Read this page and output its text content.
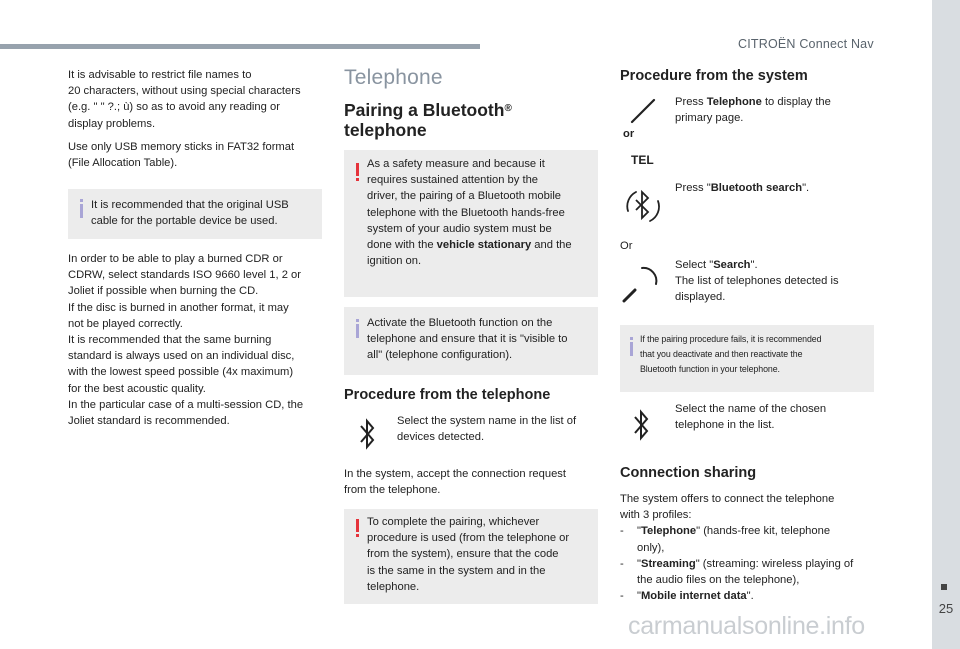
CITROËN Connect Nav
25
carmanualsonline.info
It is advisable to restrict file names to
20 characters, without using special characters
(e.g. " " ?.; ù) so as to avoid any reading or
display problems.
Use only USB memory sticks in FAT32 format
(File Allocation Table).
It is recommended that the original USB
cable for the portable device be used.
In order to be able to play a burned CDR or
CDRW, select standards ISO 9660 level 1, 2 or
Joliet if possible when burning the CD.
If the disc is burned in another format, it may
not be played correctly.
It is recommended that the same burning
standard is always used on an individual disc,
with the lowest speed possible (4x maximum)
for the best acoustic quality.
In the particular case of a multi-session CD, the
Joliet standard is recommended.
Telephone
Pairing a Bluetooth®
telephone
As a safety measure and because it
requires sustained attention by the
driver, the pairing of a Bluetooth mobile
telephone with the Bluetooth hands-free
system of your audio system must be
done with the vehicle stationary and the
ignition on.
Activate the Bluetooth function on the
telephone and ensure that it is "visible to
all" (telephone configuration).
Procedure from the telephone
Select the system name in the list of
devices detected.
In the system, accept the connection request
from the telephone.
To complete the pairing, whichever
procedure is used (from the telephone or
from the system), ensure that the code
is the same in the system and in the
telephone.
Procedure from the system
or
TEL
Press Telephone to display the
primary page.
Press "Bluetooth search".
Or
Select "Search".
The list of telephones detected is
displayed.
If the pairing procedure fails, it is recommended
that you deactivate and then reactivate the
Bluetooth function in your telephone.
Select the name of the chosen
telephone in the list.
Connection sharing
The system offers to connect the telephone
with 3 profiles:
- "Telephone" (hands-free kit, telephone
only),
- "Streaming" (streaming: wireless playing of
the audio files on the telephone),
- "Mobile internet data".
